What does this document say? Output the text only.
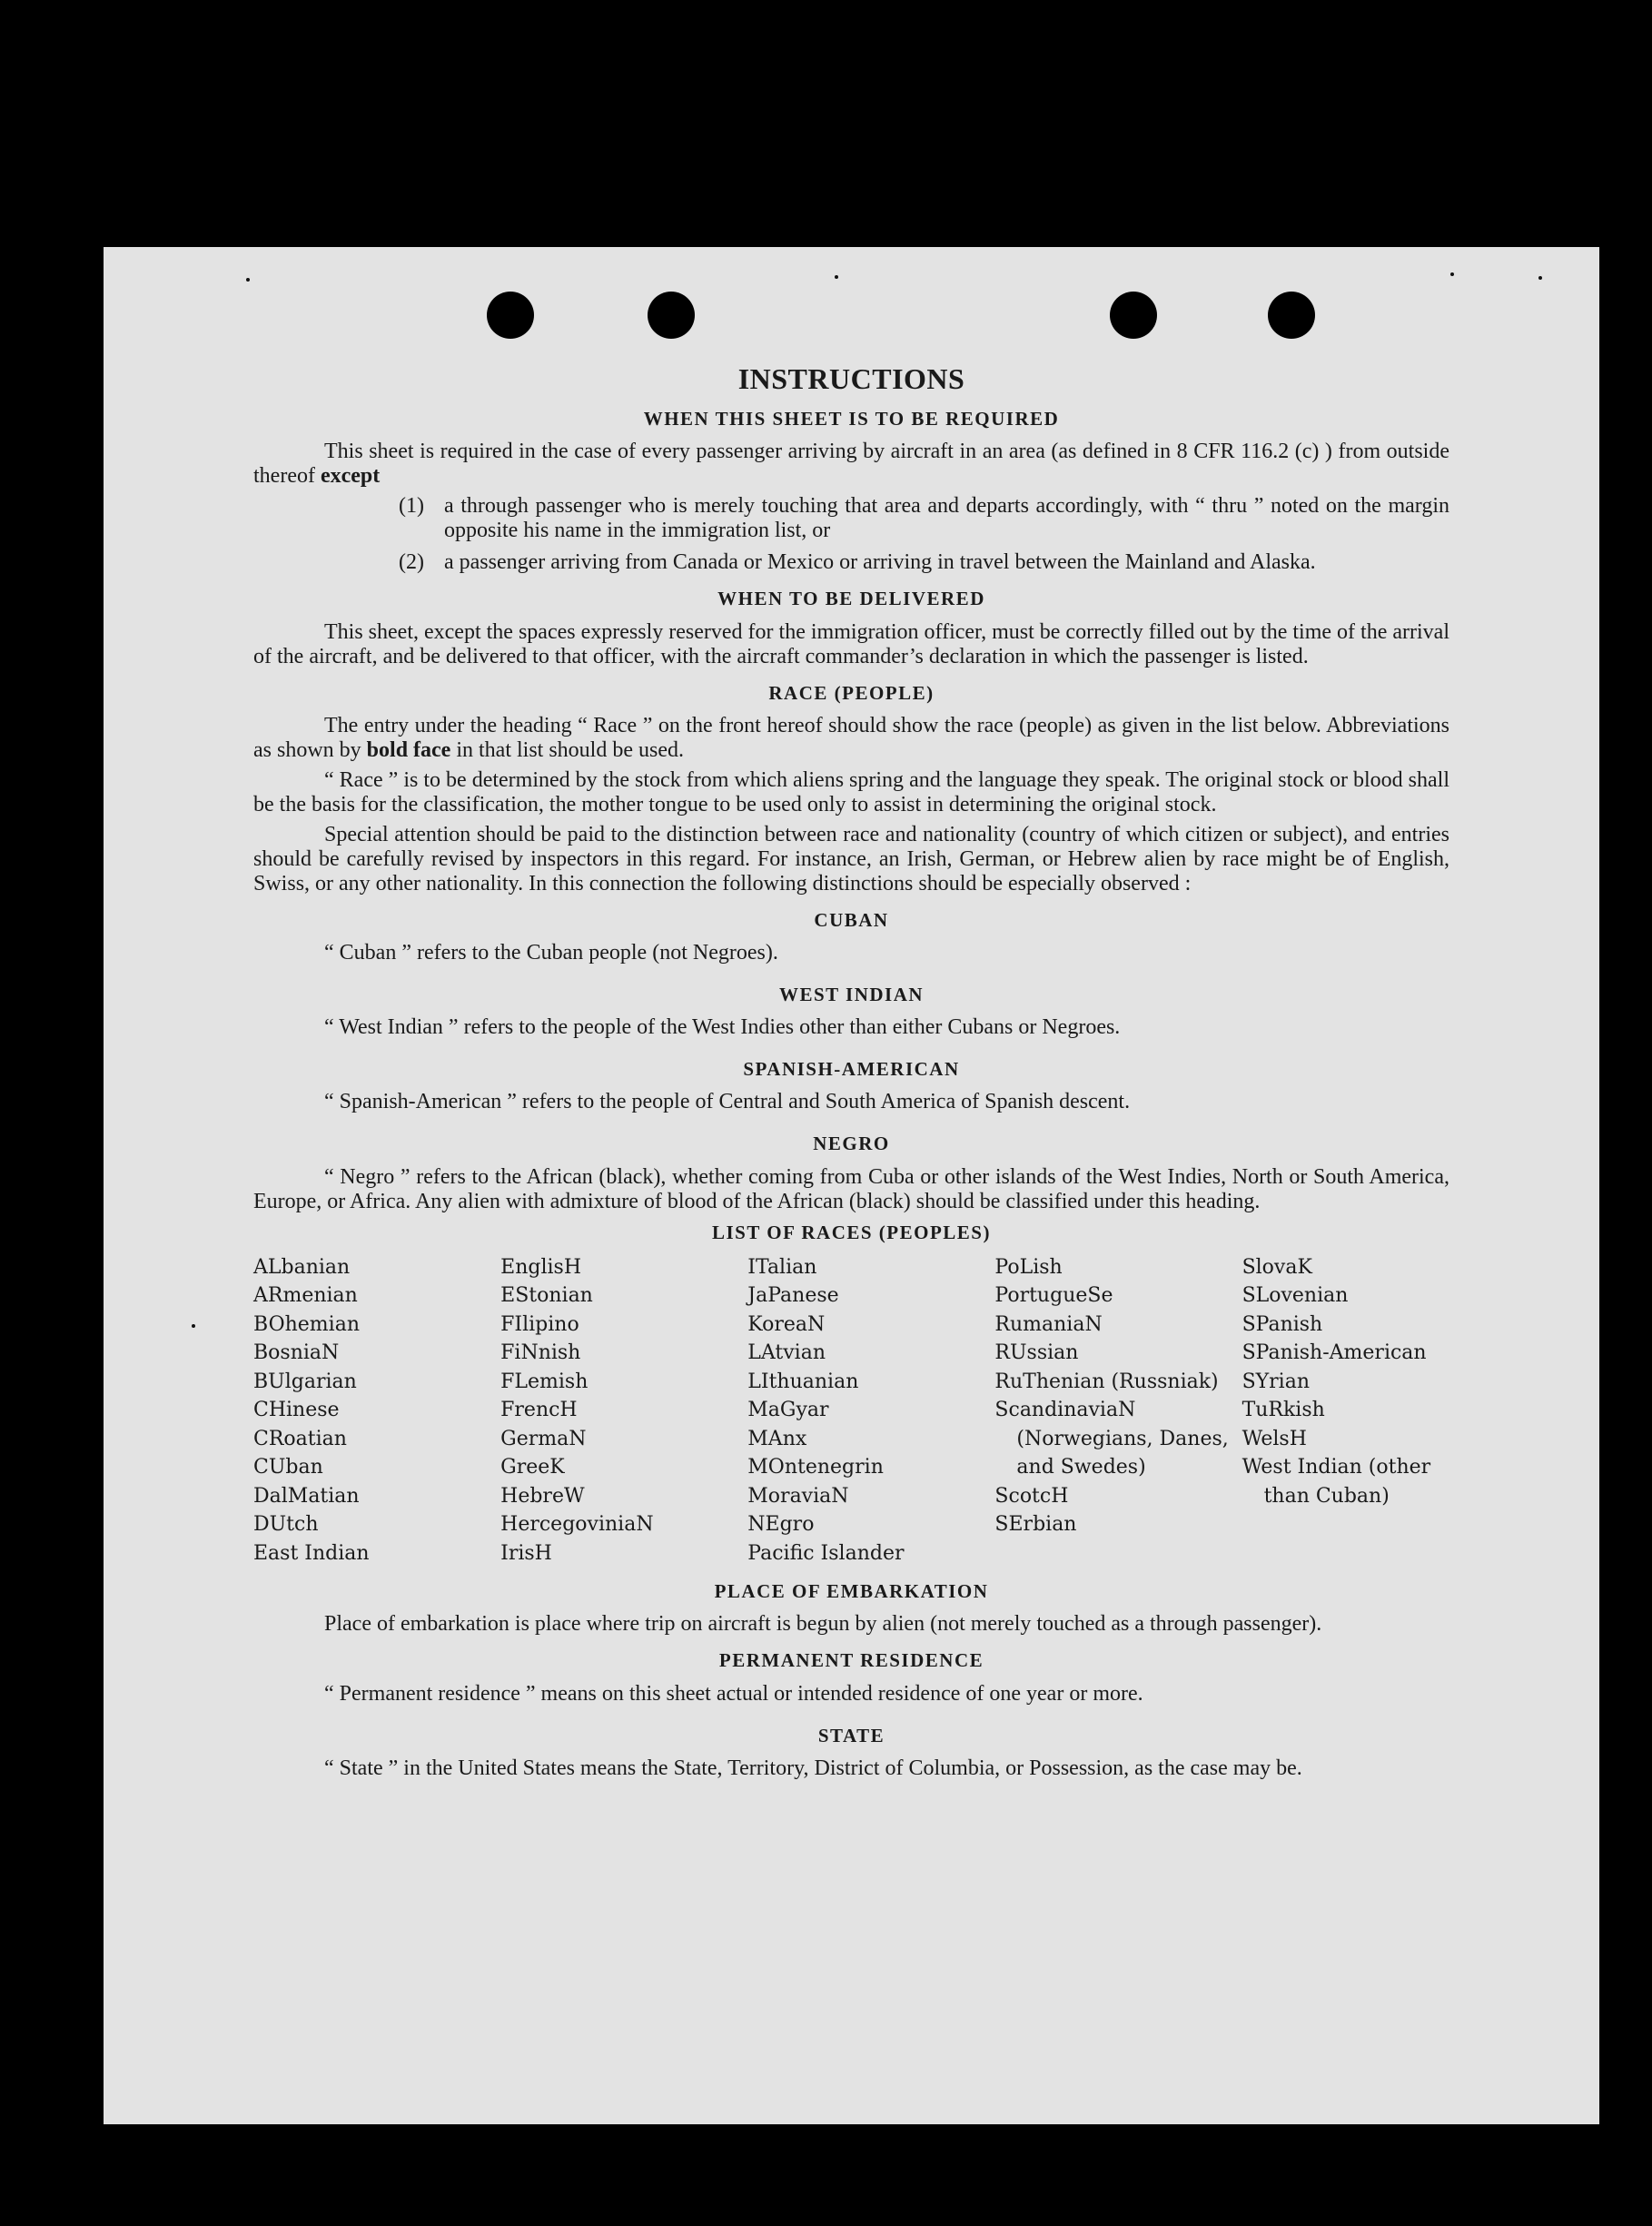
INSTRUCTIONS
WHEN THIS SHEET IS TO BE REQUIRED

This sheet is required in the case of every passenger arriving by aircraft in an area (as defined in 8 CFR 116.2 (c) ) from outside thereof except

(1) a through passenger who is merely touching that area and departs accordingly, with “ thru ” noted on the margin opposite his name in the immigration list, or
(2) a passenger arriving from Canada or Mexico or arriving in travel between the Mainland and Alaska.
WHEN TO BE DELIVERED

This sheet, except the spaces expressly reserved for the immigration officer, must be correctly filled out by the time of the arrival of the aircraft, and be delivered to that officer, with the aircraft commander’s declaration in which the passenger is listed.

RACE (PEOPLE)

The entry under the heading “ Race ” on the front hereof should show the race (people) as given in the list below. Abbreviations as shown by bold face in that list should be used.

“ Race ” is to be determined by the stock from which aliens spring and the language they speak. The original stock or blood shall be the basis for the classification, the mother tongue to be used only to assist in determining the original stock.

Special attention should be paid to the distinction between race and nationality (country of which citizen or subject), and entries should be carefully revised by inspectors in this regard. For instance, an Irish, German, or Hebrew alien by race might be of English, Swiss, or any other nationality. In this connection the following distinctions should be especially observed :

CUBAN

“ Cuban ” refers to the Cuban people (not Negroes).

WEST INDIAN

“ West Indian ” refers to the people of the West Indies other than either Cubans or Negroes.

SPANISH-AMERICAN

“ Spanish-American ” refers to the people of Central and South America of Spanish descent.

NEGRO

“ Negro ” refers to the African (black), whether coming from Cuba or other islands of the West Indies, North or South America, Europe, or Africa. Any alien with admixture of blood of the African (black) should be classified under this heading.

LIST OF RACES (PEOPLES)
ALbanian
ARmenian
BOhemian
BosniaN
BUlgarian
CHinese
CRoatian
CUban
DalMatian
DUtch
East Indian
EnglisH
EStonian
FIlipino
FiNnish
FLemish
FrencH
GermaN
GreeK
HebreW
HercegoviniaN
IrisH
ITalian
JaPanese
KoreaN
LAtvian
LIthuanian
MaGyar
MAnx
MOntenegrin
MoraviaN
NEgro
Pacific Islander
PoLish
PortugueSe
RumaniaN
RUssian
RuThenian (Russniak)
ScandinaviaN (Norwegians, Danes, and Swedes)
ScotcH
SErbian
SlovaK
SLovenian
SPanish
SPanish-American
SYrian
TuRkish
WelsH
West Indian (other than Cuban)
PLACE OF EMBARKATION

Place of embarkation is place where trip on aircraft is begun by alien (not merely touched as a through passenger).

PERMANENT RESIDENCE

“ Permanent residence ” means on this sheet actual or intended residence of one year or more.

STATE

“ State ” in the United States means the State, Territory, District of Columbia, or Possession, as the case may be.
